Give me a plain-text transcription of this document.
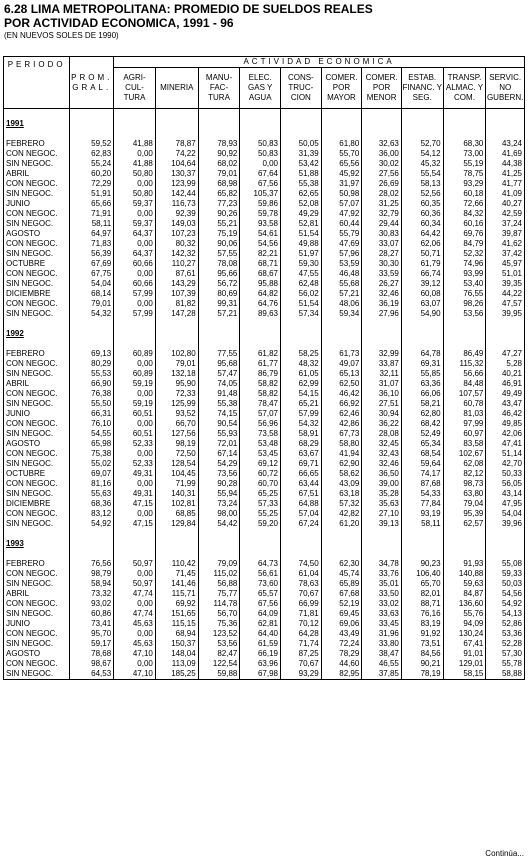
6.28 LIMA METROPOLITANA: PROMEDIO DE SUELDOS REALES
POR ACTIVIDAD ECONOMICA, 1991 - 96
(EN NUEVOS SOLES DE 1990)
PERIODO	PROM. GRAL.	ACTIVIDAD ECONOMICA									
		AGRI- CUL- TURA	MINERIA	MANU- FAC- TURA	ELEC. GAS Y AGUA	CONS- TRUC- CION	COMER. POR MAYOR	COMER. POR MENOR	ESTAB. FINANC. Y SEG.	TRANSP. ALMAC. Y COM.	SERVIC. NO GUBERN.

1991											

FEBRERO	59,52	41,88	78,87	78,93	50,83	50,05	61,80	32,63	52,70	68,30	43,24
CON NEGOC.	62,83	0,00	74,22	90,92	50,83	31,39	55,70	36,00	54,12	73,00	41,69
SIN NEGOC.	55,24	41,88	104,64	68,02	0,00	53,42	65,56	30,02	45,32	55,19	44,38
ABRIL	60,20	50,80	130,37	79,01	67,64	51,88	45,92	27,56	55,54	78,75	41,25
CON NEGOC.	72,29	0,00	123,99	68,98	67,56	55,38	31,97	26,69	58,13	93,29	41,77
SIN NEGOC.	51,91	50,80	142,44	65,82	105,37	62,65	50,98	28,02	52,56	60,18	41,09
JUNIO	65,66	59,37	116,73	77,23	59,86	52,08	57,07	31,25	60,35	72,66	40,27
CON NEGOC.	71,91	0,00	92,39	90,26	59,78	49,29	47,92	32,79	60,36	84,32	42,59
SIN NEGOC.	58,11	59,37	149,03	55,21	93,58	52,81	60,44	29,44	60,34	60,16	37,24
AGOSTO	64,97	64,37	107,23	75,19	54,61	51,54	55,79	30,83	64,42	69,76	39,87
CON NEGOC.	71,83	0,00	80,32	90,06	54,56	49,88	47,69	33,07	62,06	84,79	41,62
SIN NEGOC.	56,39	64,37	142,32	57,55	82,21	51,97	57,96	28,27	50,71	52,32	37,42
OCTUBRE	67,69	60,66	110,27	78,08	68,71	59,30	53,59	30,30	61,79	74,96	45,97
CON NEGOC.	67,75	0,00	87,61	95,66	68,67	47,55	46,48	33,59	66,74	93,99	51,01
SIN NEGOC.	54,04	60,66	143,29	56,72	95,88	62,48	55,68	26,27	39,12	53,40	39,35
DICIEMBRE	68,14	57,99	107,39	80,69	64,82	56,02	57,21	32,46	60,08	76,55	44,22
CON NEGOC.	79,01	0,00	81,82	99,31	64,76	51,54	48,06	36,19	63,07	98,26	47,57
SIN NEGOC.	54,32	57,99	147,28	57,21	89,63	57,34	59,34	27,96	54,90	53,56	39,95

1992											

FEBRERO	69,13	60,89	102,80	77,55	61,82	58,25	61,73	32,99	64,78	86,49	47,27
CON NEGOC.	80,29	0,00	79,01	95,68	61,77	48,32	49,07	33,87	69,31	115,32	5,28
SIN NEGOC.	55,53	60,89	132,18	57,47	86,79	61,05	65,13	32,11	55,85	56,66	40,21
ABRIL	66,90	59,19	95,90	74,05	58,82	62,99	62,50	31,07	63,36	84,48	46,91
CON NEGOC.	76,38	0,00	72,33	91,48	58,82	54,15	46,42	36,10	66,06	107,57	49,49
SIN NEGOC.	55,50	59,19	125,99	55,38	78,47	65,21	66,92	27,51	58,21	60,78	43,47
JUNIO	66,31	60,51	93,52	74,15	57,07	57,99	62,46	30,94	62,80	81,03	46,42
CON NEGOC.	76,10	0,00	66,70	90,54	56,96	54,32	42,86	36,22	68,42	97,99	49,85
SIN NEGOC.	54,55	60,51	127,56	55,93	73,58	58,91	67,73	28,08	52,49	60,97	42,06
AGOSTO	65,98	52,33	98,19	72,01	53,48	68,29	58,80	32,45	65,34	83,58	47,41
CON NEGOC.	75,38	0,00	72,50	67,14	53,45	63,67	41,94	32,43	68,54	102,67	51,14
SIN NEGOC.	55,02	52,33	128,54	54,29	69,12	69,71	62,90	32,46	59,64	62,08	42,70
OCTUBRE	69,07	49,31	104,45	73,56	60,72	66,65	58,62	36,50	74,17	82,12	50,33
CON NEGOC.	81,16	0,00	71,99	90,28	60,70	63,44	43,09	39,00	87,68	98,73	56,05
SIN NEGOC.	55,63	49,31	140,31	55,94	65,25	67,51	63,18	35,28	54,33	63,80	43,14
DICIEMBRE	68,36	47,15	102,81	73,24	57,33	64,88	57,32	35,63	77,84	79,04	47,95
CON NEGOC.	83,12	0,00	68,85	98,00	55,25	57,04	42,82	27,10	93,19	95,39	54,04
SIN NEGOC.	54,92	47,15	129,84	54,42	59,20	67,24	61,20	39,13	58,11	62,57	39,96

1993											

FEBRERO	76,56	50,97	110,42	79,09	64,73	74,50	62,30	34,78	90,23	91,93	55,08
CON NEGOC.	98,79	0,00	71,45	115,02	56,61	61,04	45,74	33,76	106,40	140,88	59,33
SIN NEGOC.	58,94	50,97	141,46	56,88	73,60	78,63	65,89	35,01	65,70	59,63	50,03
ABRIL	73,32	47,74	115,71	75,77	65,57	70,67	67,68	33,50	82,01	84,87	54,56
CON NEGOC.	93,02	0,00	69,92	114,78	67,56	66,99	52,19	33,02	88,71	136,60	54,92
SIN NEGOC.	60,86	47,74	151,65	56,70	64,09	71,81	69,45	33,63	76,16	55,76	54,13
JUNIO	73,41	45,63	115,15	75,36	62,81	70,12	69,06	33,45	83,19	94,09	52,86
CON NEGOC.	95,70	0,00	68,94	123,52	64,40	64,28	43,49	31,96	91,92	130,24	53,36
SIN NEGOC.	59,17	45,63	150,37	53,56	61,59	71,74	72,24	33,80	73,51	67,41	52,28
AGOSTO	78,68	47,10	148,04	82,47	66,19	87,25	78,29	38,47	84,56	91,01	57,30
CON NEGOC.	98,67	0,00	113,09	122,54	63,96	70,67	44,60	46,55	90,21	129,01	55,78
SIN NEGOC.	64,53	47,10	185,25	59,88	67,98	93,29	82,95	37,85	78,19	58,15	58,88
Continúa...
